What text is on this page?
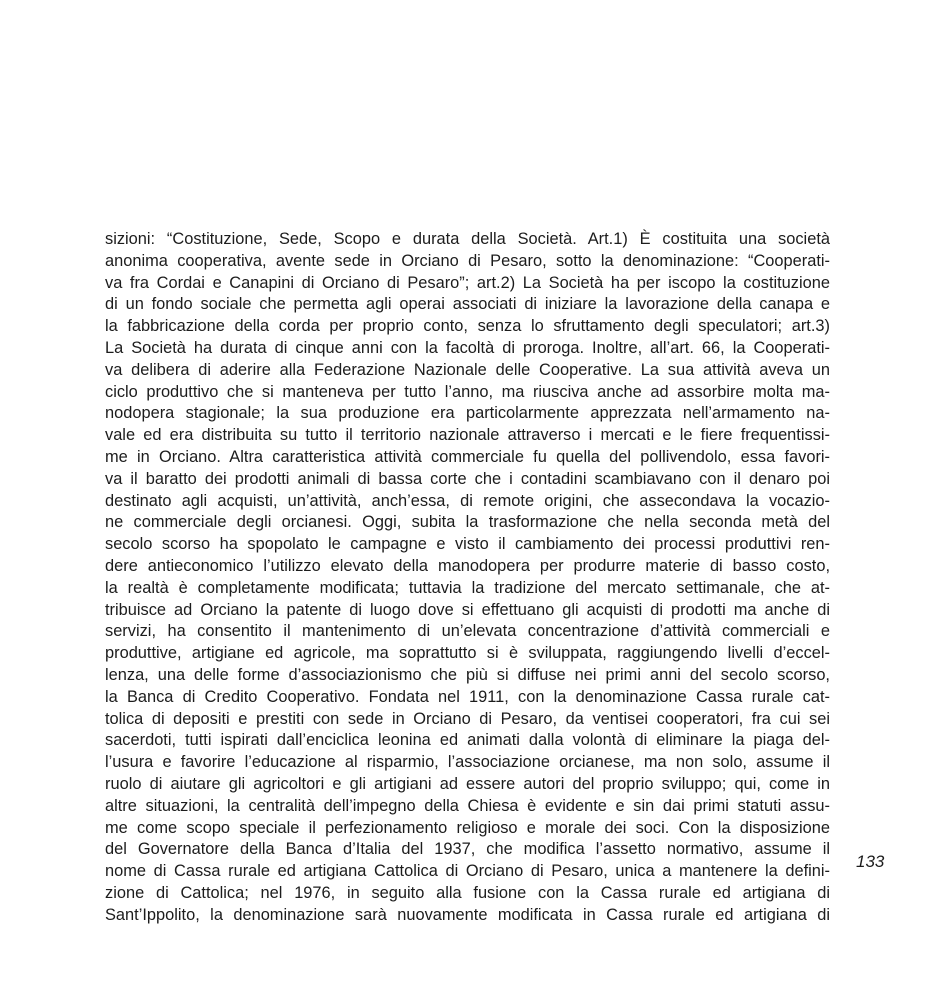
sizioni: “Costituzione, Sede, Scopo e durata della Società. Art.1) È costituita una società
anonima cooperativa, avente sede in Orciano di Pesaro, sotto la denominazione: “Cooperati-
va fra Cordai e Canapini di Orciano di Pesaro”; art.2) La Società ha per iscopo la costituzione
di un fondo sociale che permetta agli operai associati di iniziare la lavorazione della canapa e
la fabbricazione della corda per proprio conto, senza lo sfruttamento degli speculatori; art.3)
La Società ha durata di cinque anni con la facoltà di proroga. Inoltre, all’art. 66, la Cooperati-
va delibera di aderire alla Federazione Nazionale delle Cooperative. La sua attività aveva un
ciclo produttivo che si manteneva per tutto l’anno, ma riusciva anche ad assorbire molta ma-
nodopera stagionale; la sua produzione era particolarmente apprezzata nell’armamento na-
vale ed era distribuita su tutto il territorio nazionale attraverso i mercati e le fiere frequentissi-
me in Orciano. Altra caratteristica attività commerciale fu quella del pollivendolo, essa favori-
va il baratto dei prodotti animali di bassa corte che i contadini scambiavano con il denaro poi
destinato agli acquisti, un’attività, anch’essa, di remote origini, che assecondava la vocazio-
ne commerciale degli orcianesi. Oggi, subita la trasformazione che nella seconda metà del
secolo scorso ha spopolato le campagne e visto il cambiamento dei processi produttivi ren-
dere antieconomico l’utilizzo elevato della manodopera per produrre materie di basso costo,
la realtà è completamente modificata; tuttavia la tradizione del mercato settimanale, che at-
tribuisce ad Orciano la patente di luogo dove si effettuano gli acquisti di prodotti ma anche di
servizi, ha consentito il mantenimento di un’elevata concentrazione d’attività commerciali e
produttive, artigiane ed agricole, ma soprattutto si è sviluppata, raggiungendo livelli d’eccel-
lenza, una delle forme d’associazionismo che più si diffuse nei primi anni del secolo scorso,
la Banca di Credito Cooperativo. Fondata nel 1911, con la denominazione Cassa rurale cat-
tolica di depositi e prestiti con sede in Orciano di Pesaro, da ventisei cooperatori, fra cui sei
sacerdoti, tutti ispirati dall’enciclica leonina ed animati dalla volontà di eliminare la piaga del-
l’usura e favorire l’educazione al risparmio, l’associazione orcianese, ma non solo, assume il
ruolo di aiutare gli agricoltori e gli artigiani ad essere autori del proprio sviluppo; qui, come in
altre situazioni, la centralità dell’impegno della Chiesa è evidente e sin dai primi statuti assu-
me come scopo speciale il perfezionamento religioso e morale dei soci. Con la disposizione
del Governatore della Banca d’Italia del 1937, che modifica l’assetto normativo, assume il
nome di Cassa rurale ed artigiana Cattolica di Orciano di Pesaro, unica a mantenere la defini-
zione di Cattolica; nel 1976, in seguito alla fusione con la Cassa rurale ed artigiana di
Sant’Ippolito, la denominazione sarà nuovamente modificata in Cassa rurale ed artigiana di
133
